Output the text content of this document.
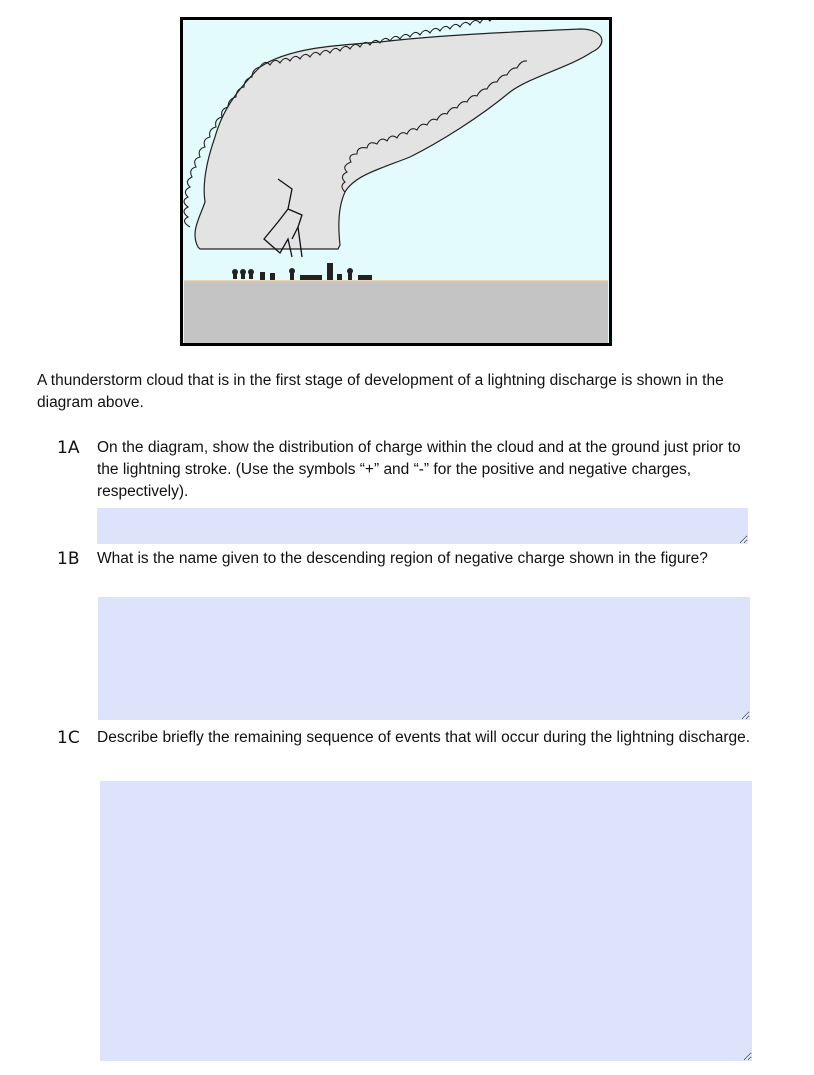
A thunderstorm cloud that is in the first stage of development of a lightning discharge is shown in the diagram above.
1A On the diagram, show the distribution of charge within the cloud and at the ground just prior to the lightning stroke. (Use the symbols “+” and “-” for the positive and negative charges, respectively).
1B What is the name given to the descending region of negative charge shown in the figure?
1C Describe briefly the remaining sequence of events that will occur during the lightning discharge.
